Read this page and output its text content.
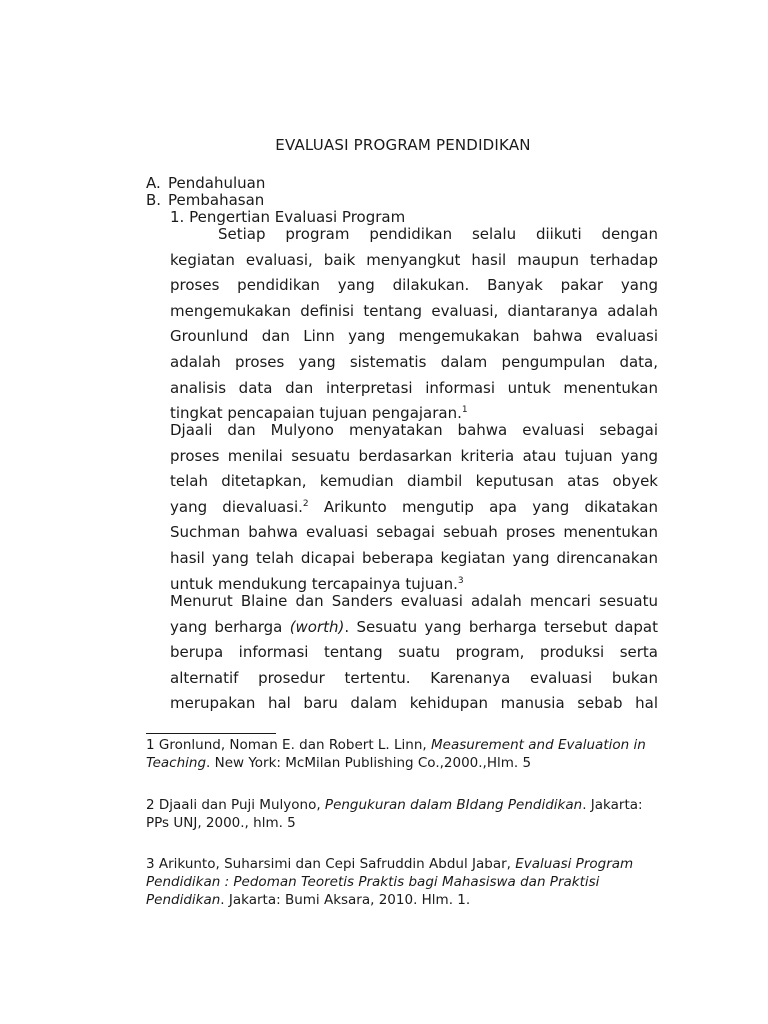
EVALUASI PROGRAM PENDIDIKAN
A. Pendahuluan
B. Pembahasan
1. Pengertian Evaluasi Program
Setiap program pendidikan selalu diikuti dengan
kegiatan evaluasi, baik menyangkut hasil maupun terhadap
proses pendidikan yang dilakukan. Banyak pakar yang
mengemukakan definisi tentang evaluasi, diantaranya adalah
Grounlund dan Linn yang mengemukakan bahwa evaluasi
adalah proses yang sistematis dalam pengumpulan data,
analisis data dan interpretasi informasi untuk menentukan
tingkat pencapaian tujuan pengajaran.$^1$
Djaali dan Mulyono menyatakan bahwa evaluasi sebagai
proses menilai sesuatu berdasarkan kriteria atau tujuan yang
telah ditetapkan, kemudian diambil keputusan atas obyek
yang dievaluasi.$^2$ Arikunto mengutip apa yang dikatakan
Suchman bahwa evaluasi sebagai sebuah proses menentukan
hasil yang telah dicapai beberapa kegiatan yang direncanakan
untuk mendukung tercapainya tujuan.$^3$
Menurut Blaine dan Sanders evaluasi adalah mencari sesuatu
yang berharga (worth). Sesuatu yang berharga tersebut dapat
berupa informasi tentang suatu program, produksi serta
alternatif prosedur tertentu. Karenanya evaluasi bukan
merupakan hal baru dalam kehidupan manusia sebab hal

1 Gronlund, Noman E. dan Robert L. Linn, Measurement and Evaluation in Teaching. New York: McMilan Publishing Co.,2000.,Hlm. 5

2 Djaali dan Puji Mulyono, Pengukuran dalam BIdang Pendidikan. Jakarta: PPs UNJ, 2000., hlm. 5

3 Arikunto, Suharsimi dan Cepi Safruddin Abdul Jabar, Evaluasi Program Pendidikan : Pedoman Teoretis Praktis bagi Mahasiswa dan Praktisi Pendidikan. Jakarta: Bumi Aksara, 2010. Hlm. 1.
